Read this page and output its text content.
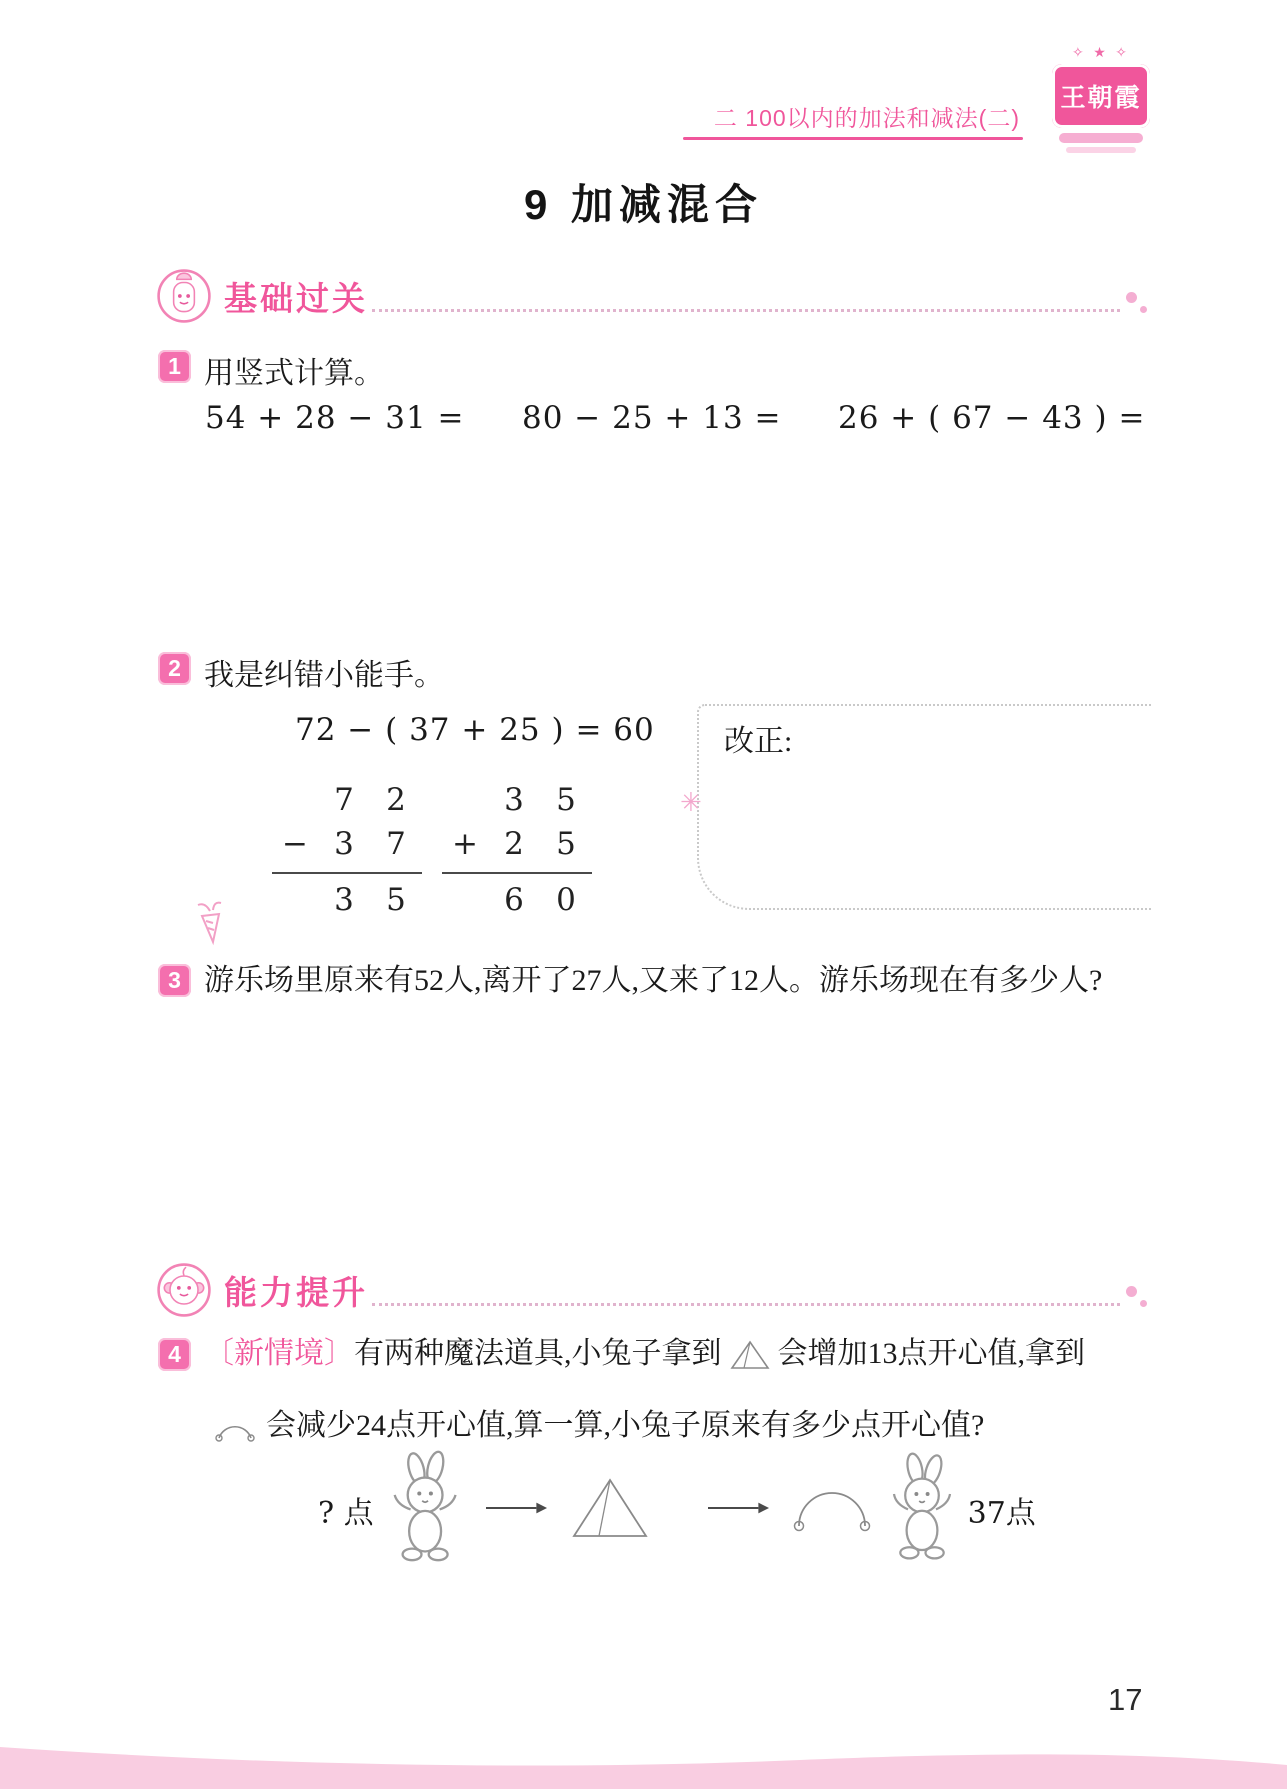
二 100以内的加法和减法(二)
✧ ★ ✧
王朝霞
9 加减混合
基础过关
1 用竖式计算。
54 + 28 − 31 = 80 − 25 + 13 = 26 + ( 67 − 43 ) =
2 我是纠错小能手。
72 − ( 37 + 25 ) = 60 改正:
✳
7	2
− 3	7
3	5
3	5
+ 2	5
6	0
3 游乐场里原来有52人,离开了27人,又来了12人。游乐场现在有多少人?
能力提升
4 〔新情境〕有两种魔法道具,小兔子拿到 会增加13点开心值,拿到
会减少24点开心值,算一算,小兔子原来有多少点开心值?
? 点	37点
17
